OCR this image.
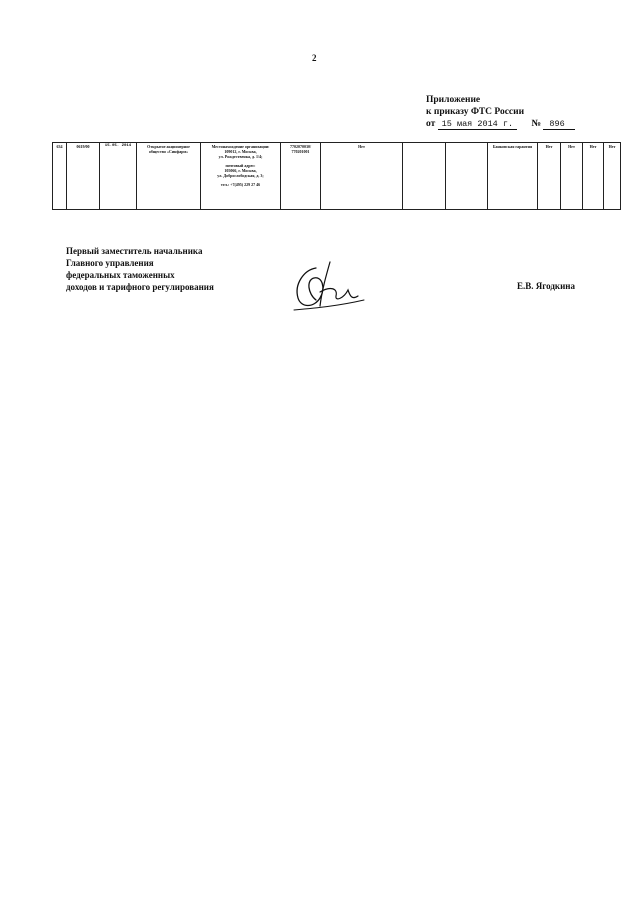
2
Приложение
к приказу ФТС России
от 15 мая 2014 г. № 896
634	0619/00	15.05. 2014	Открытое акционерное общество «Синфарм»	
Местонахождение организации:
109012, г. Москва,
ул. Рождественка, д. 1/4;
почтовый адрес:
105066, г. Москва,
ул. Доброслободская, д. 3;
тел.: +7(495) 229 27 46
	7702070030/ 770201001	Нет			Банковская гарантия	Нет	Нет	Нет	Нет
Первый заместитель начальника
Главного управления
федеральных таможенных
доходов и тарифного регулирования	Е.В. Ягодкина
